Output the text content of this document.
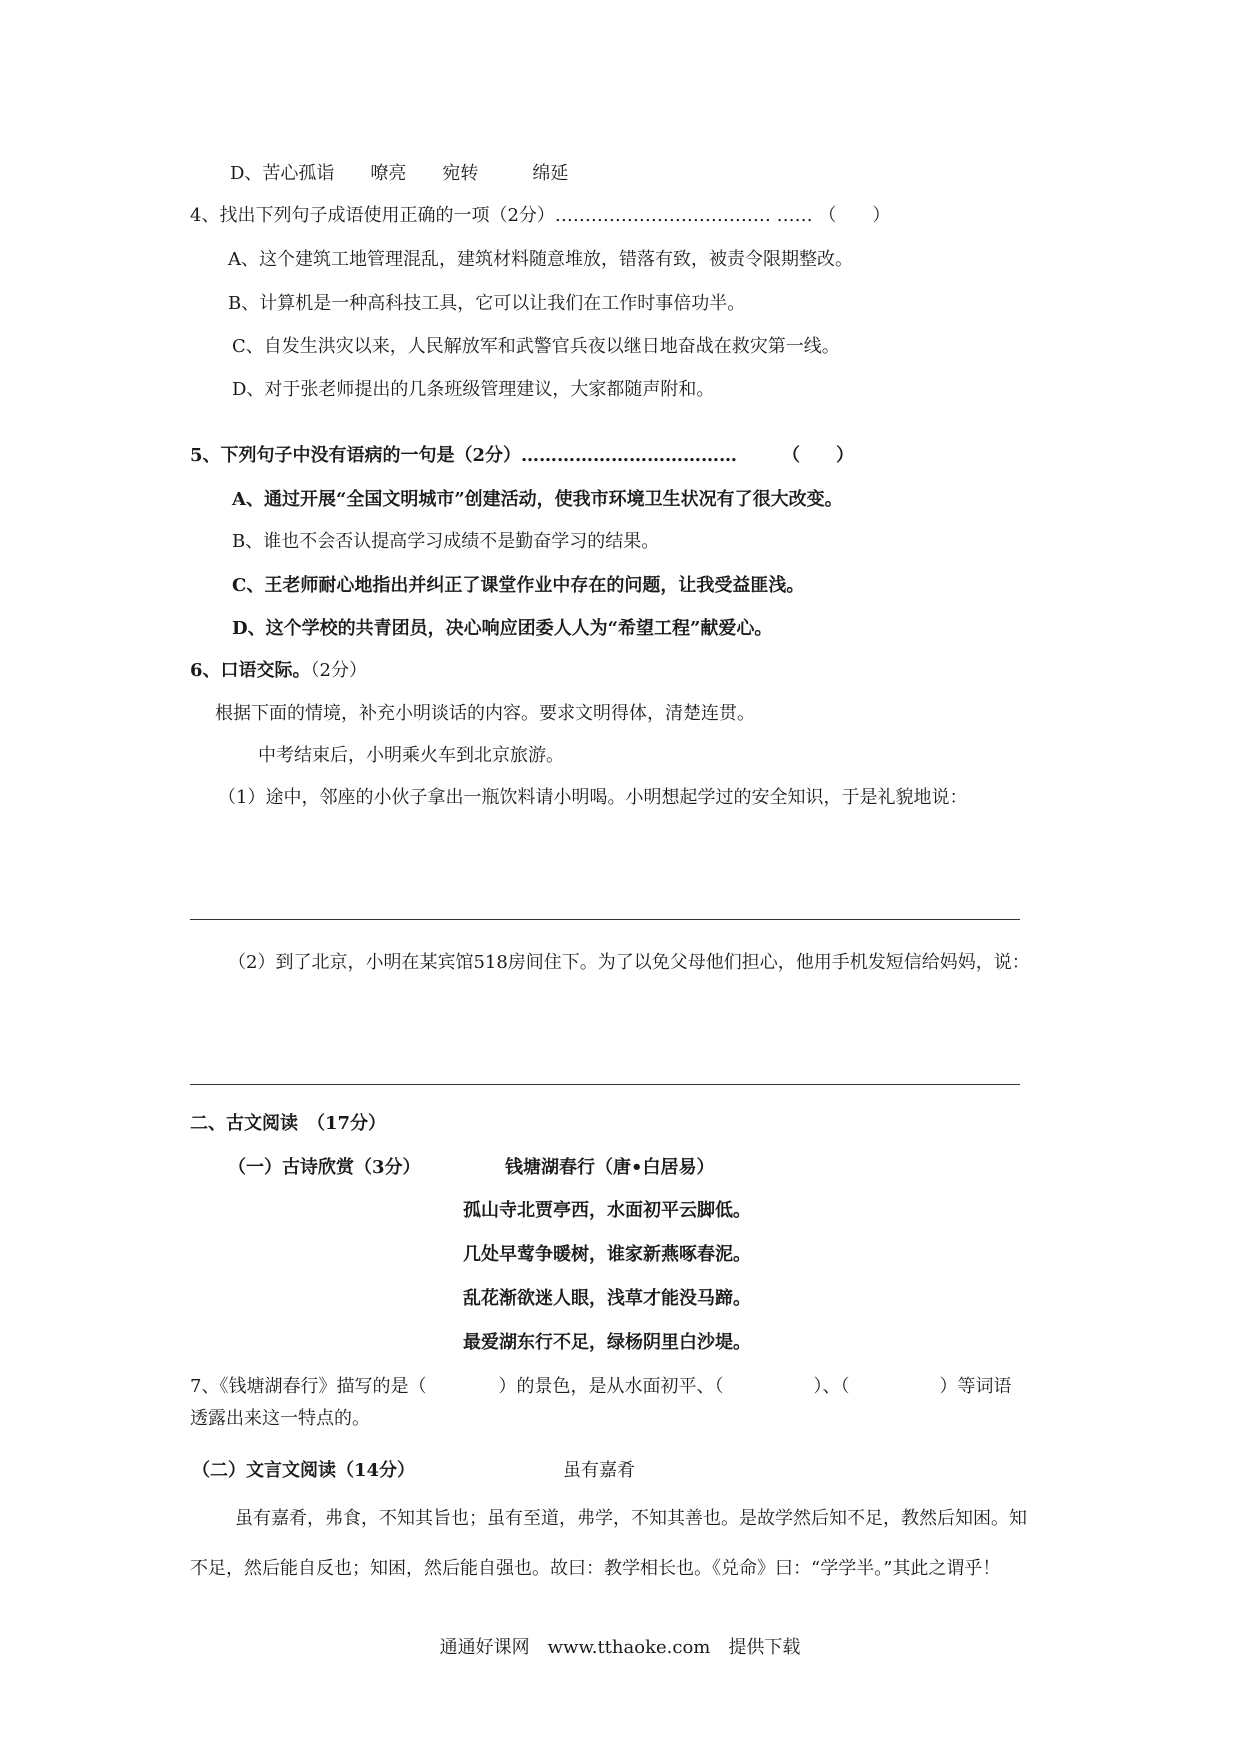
D、苦心孤诣　　嘹亮　　宛转　　　绵延
4、找出下列句子成语使用正确的一项（2分）……………………………… …… （　　）
A、这个建筑工地管理混乱，建筑材料随意堆放，错落有致，被责令限期整改。
B、计算机是一种高科技工具，它可以让我们在工作时事倍功半。
C、自发生洪灾以来，人民解放军和武警官兵夜以继日地奋战在救灾第一线。
D、对于张老师提出的几条班级管理建议，大家都随声附和。
5、下列句子中没有语病的一句是（2分）………………………………　　　（　　）
A、通过开展“全国文明城市”创建活动，使我市环境卫生状况有了很大改变。
B、谁也不会否认提高学习成绩不是勤奋学习的结果。
C、王老师耐心地指出并纠正了课堂作业中存在的问题，让我受益匪浅。
D、这个学校的共青团员，决心响应团委人人为“希望工程”献爱心。
6、口语交际。（2分）
根据下面的情境，补充小明谈话的内容。要求文明得体，清楚连贯。
中考结束后，小明乘火车到北京旅游。
（1）途中，邻座的小伙子拿出一瓶饮料请小明喝。小明想起学过的安全知识，于是礼貌地说：
（2）到了北京，小明在某宾馆518房间住下。为了以免父母他们担心，他用手机发短信给妈妈，说：
二、古文阅读　（17分）
（一）古诗欣赏（3分）	钱塘湖春行（唐•白居易）
孤山寺北贾亭西，水面初平云脚低。
几处早莺争暖树，谁家新燕啄春泥。
乱花渐欲迷人眼，浅草才能没马蹄。
最爱湖东行不足，绿杨阴里白沙堤。
7、《钱塘湖春行》描写的是（　　　　）的景色，是从水面初平、（　　　　　）、（　　　　　）等词语
透露出来这一特点的。
（二）文言文阅读（14分）	虽有嘉肴
虽有嘉肴，弗食，不知其旨也；虽有至道，弗学，不知其善也。是故学然后知不足，教然后知困。知
不足，然后能自反也；知困，然后能自强也。故曰：教学相长也。《兑命》曰：“学学半。”其此之谓乎！
通通好课网　www.tthaoke.com　提供下载
